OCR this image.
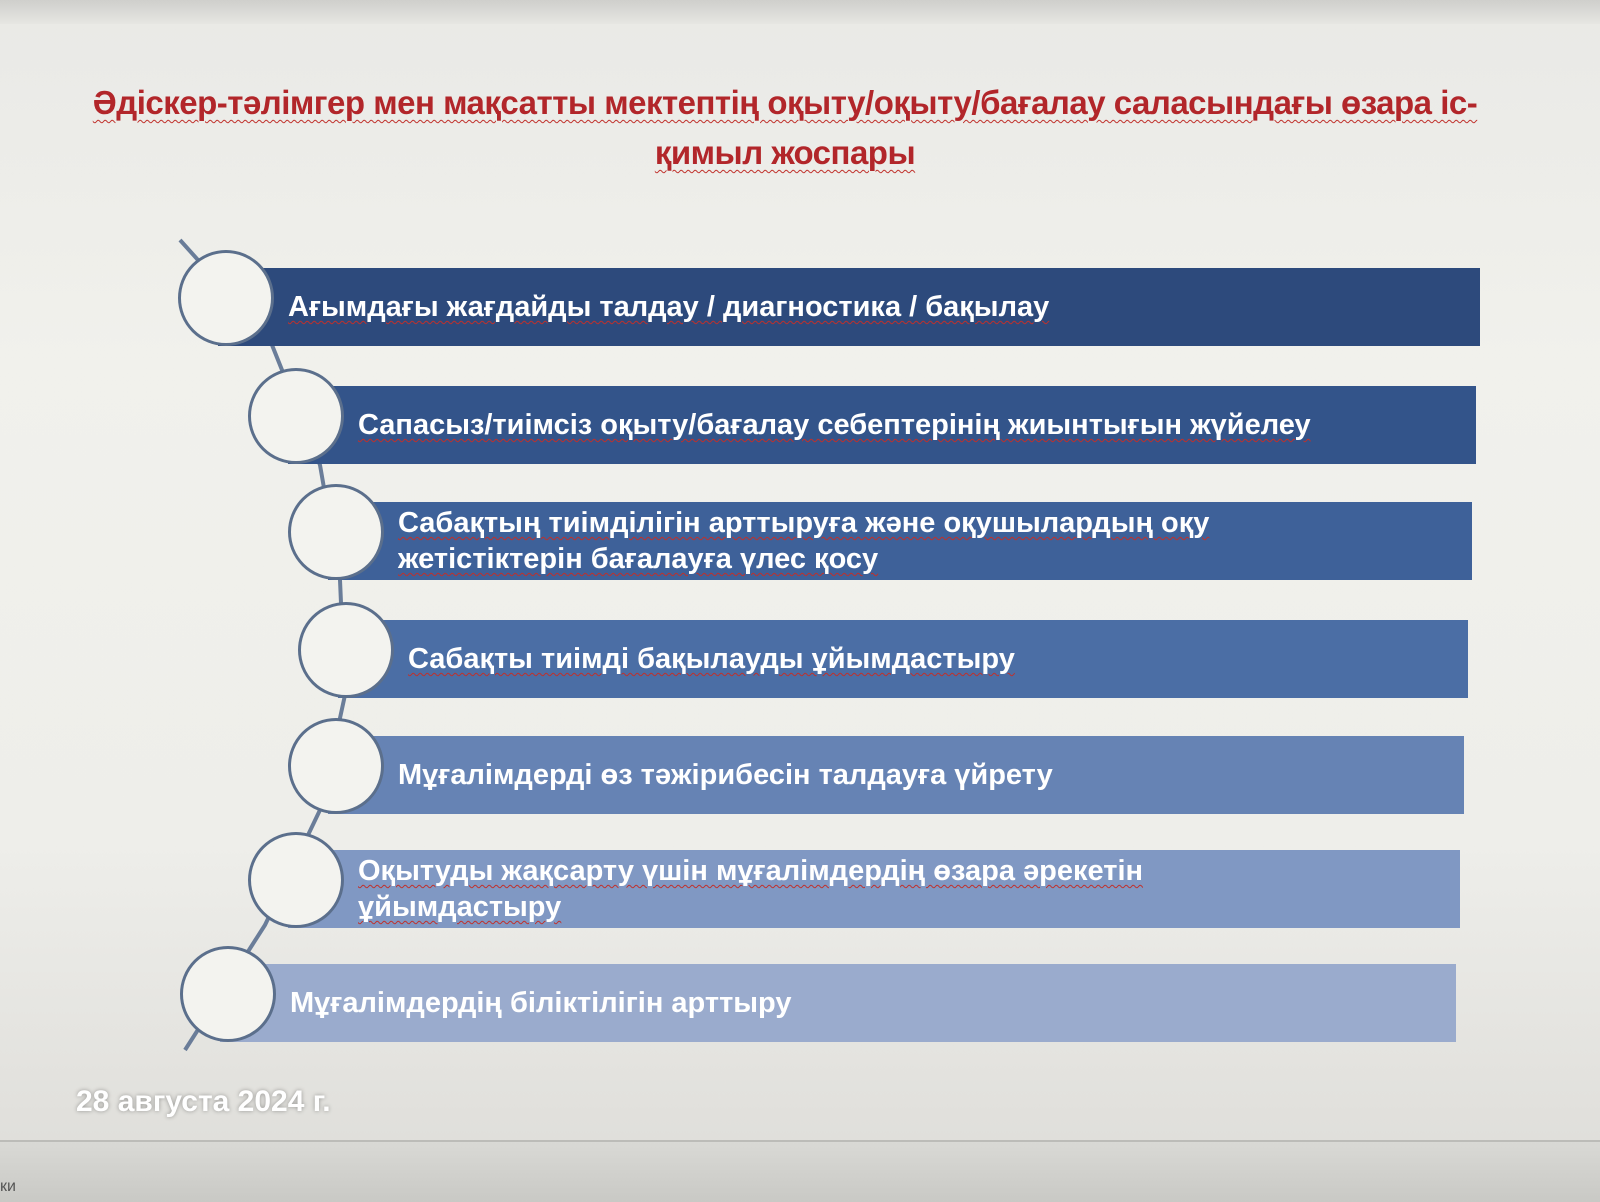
Әдіскер-тәлімгер мен мақсатты мектептің оқыту/оқыту/бағалау саласындағы өзара іс-
қимыл жоспары
Ағымдағы жағдайды талдау / диагностика / бақылау
Сапасыз/тиімсіз оқыту/бағалау себептерінің жиынтығын жүйелеу
Сабақтың тиімділігін арттыруға және оқушылардың оқу жетістіктерін бағалауға үлес қосу
Сабақты тиімді бақылауды ұйымдастыру
Мұғалімдерді өз тәжірибесін талдауға үйрету
Оқытуды жақсарту үшін мұғалімдердің өзара әрекетін ұйымдастыру
Мұғалімдердің біліктілігін арттыру
28 августа 2024 г.
ки
